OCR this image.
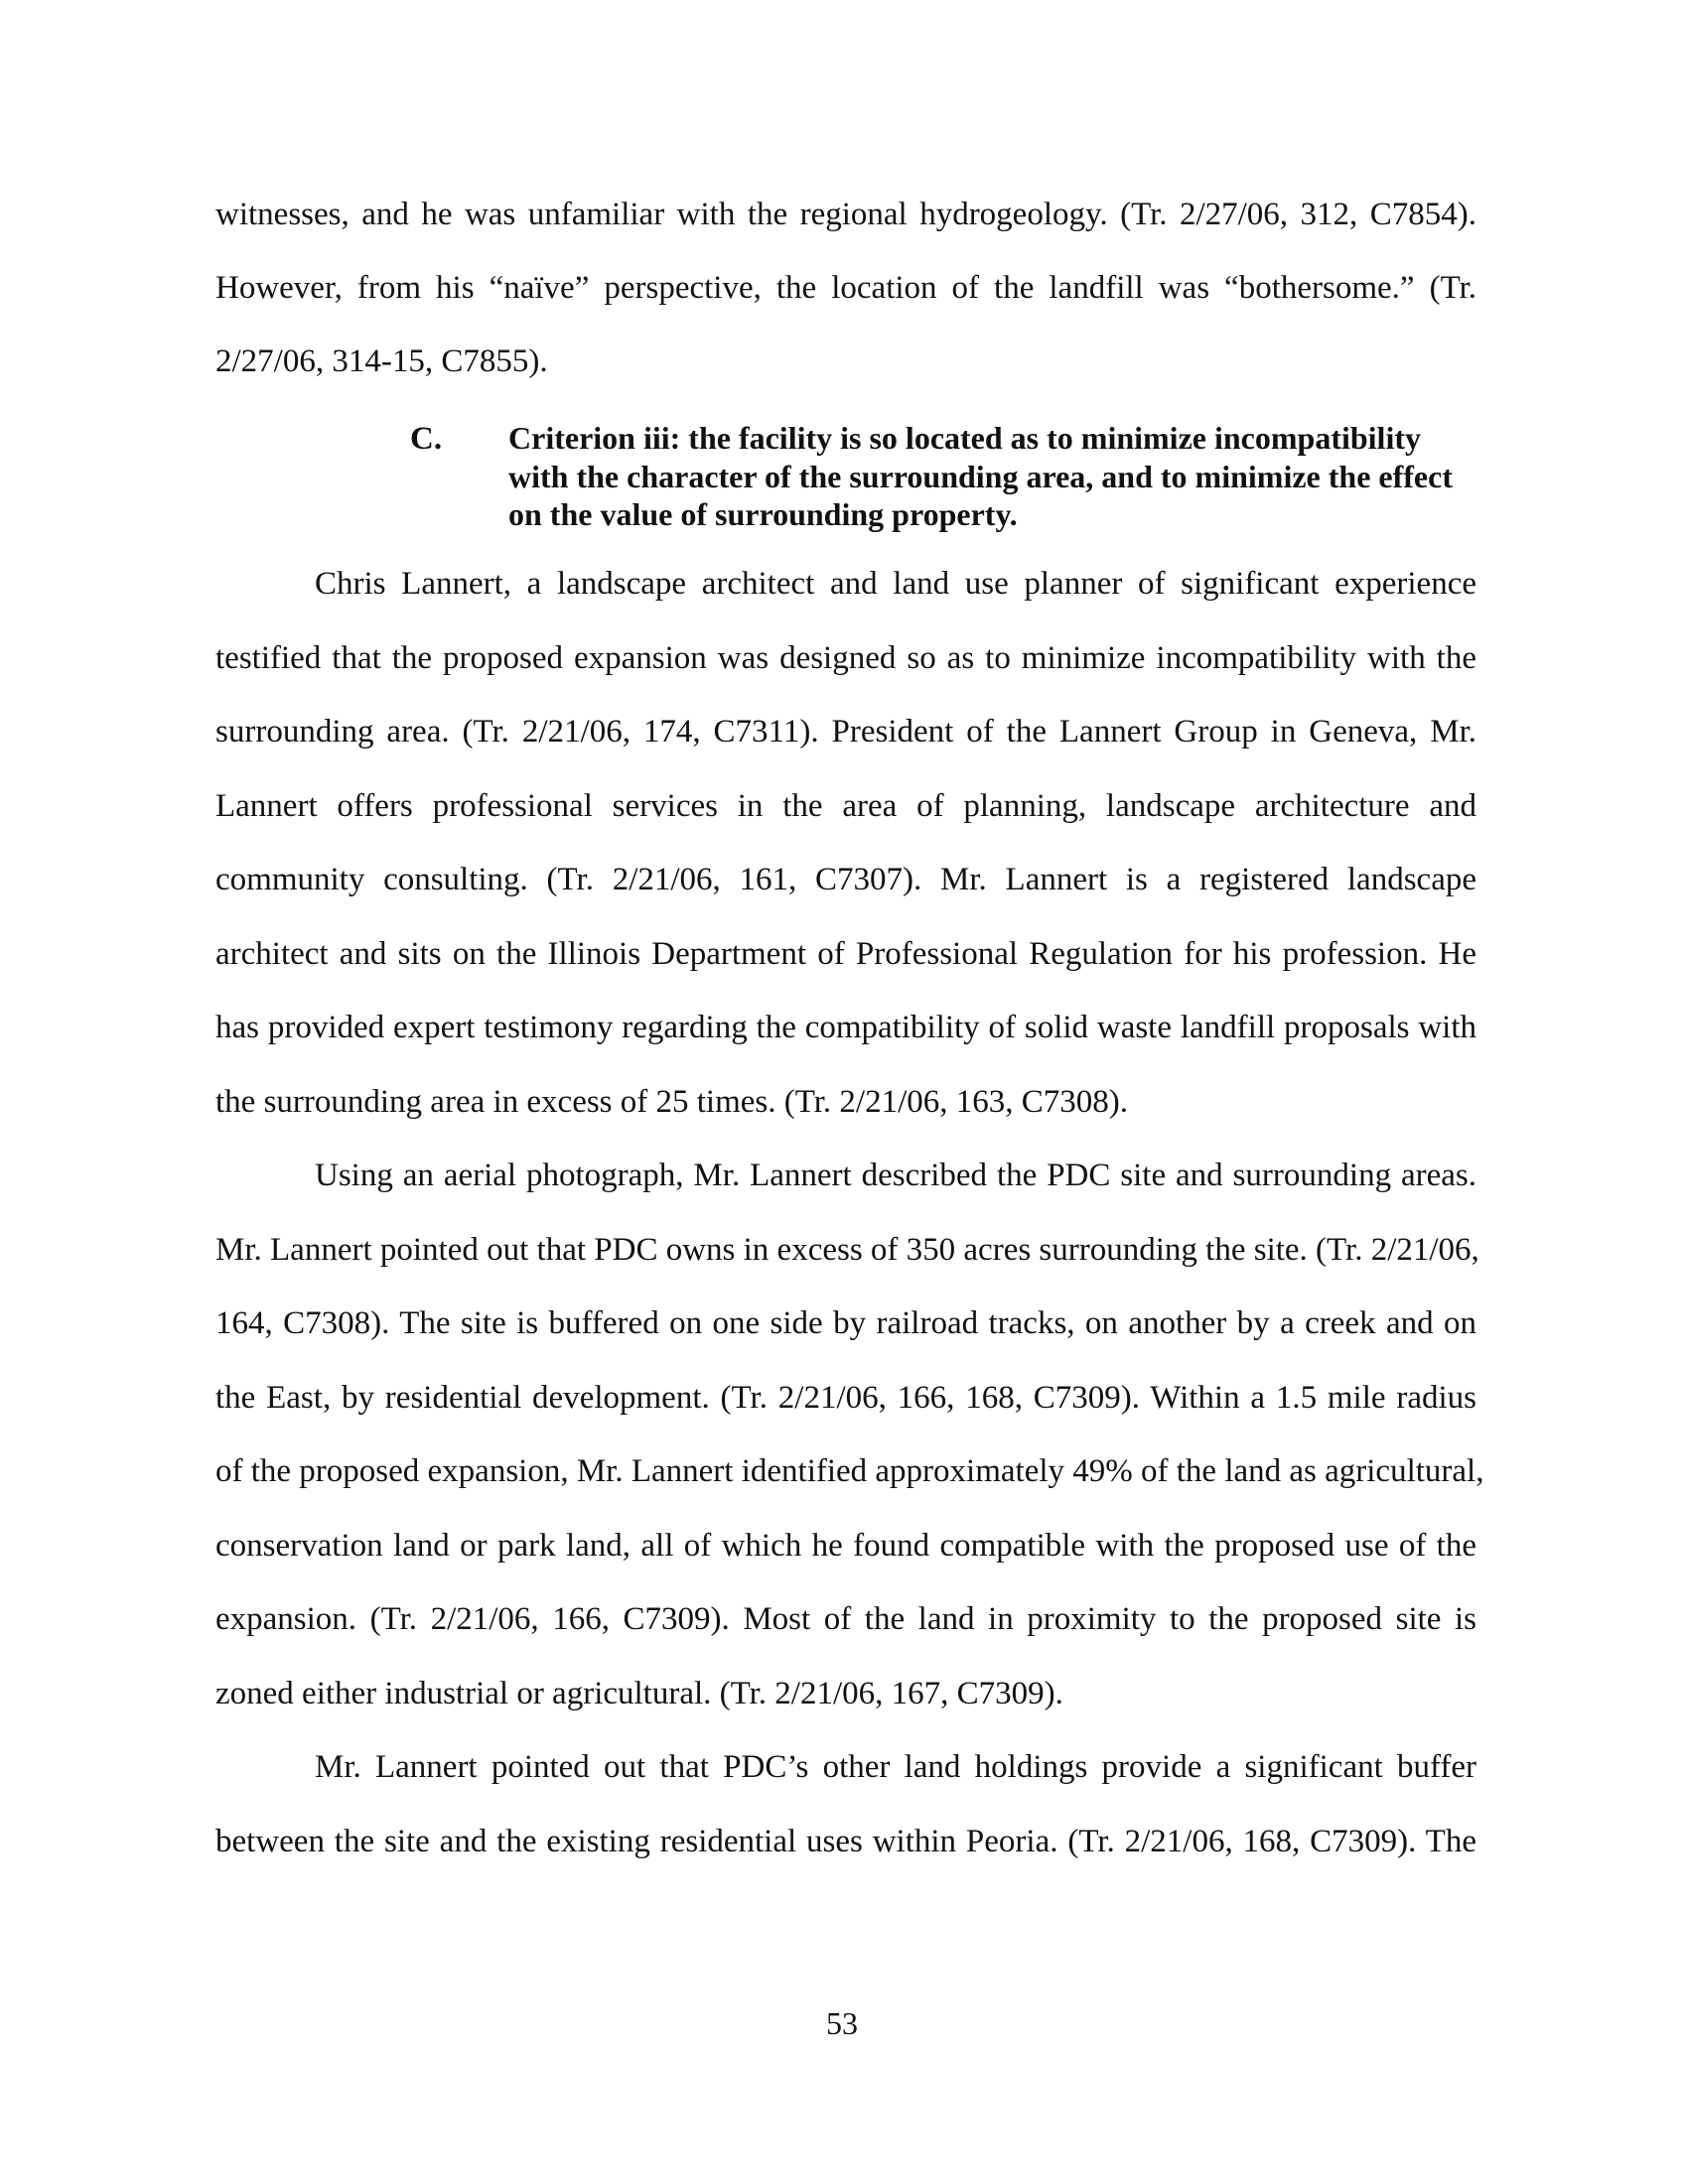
witnesses, and he was unfamiliar with the regional hydrogeology. (Tr. 2/27/06, 312, C7854).
However, from his “naïve” perspective, the location of the landfill was “bothersome.” (Tr.
2/27/06, 314-15, C7855).
C. Criterion iii: the facility is so located as to minimize incompatibility
with the character of the surrounding area, and to minimize the effect
on the value of surrounding property.
Chris Lannert, a landscape architect and land use planner of significant experience
testified that the proposed expansion was designed so as to minimize incompatibility with the
surrounding area. (Tr. 2/21/06, 174, C7311). President of the Lannert Group in Geneva, Mr.
Lannert offers professional services in the area of planning, landscape architecture and
community consulting. (Tr. 2/21/06, 161, C7307). Mr. Lannert is a registered landscape
architect and sits on the Illinois Department of Professional Regulation for his profession. He
has provided expert testimony regarding the compatibility of solid waste landfill proposals with
the surrounding area in excess of 25 times. (Tr. 2/21/06, 163, C7308).
Using an aerial photograph, Mr. Lannert described the PDC site and surrounding areas.
Mr. Lannert pointed out that PDC owns in excess of 350 acres surrounding the site. (Tr. 2/21/06,
164, C7308). The site is buffered on one side by railroad tracks, on another by a creek and on
the East, by residential development. (Tr. 2/21/06, 166, 168, C7309). Within a 1.5 mile radius
of the proposed expansion, Mr. Lannert identified approximately 49% of the land as agricultural,
conservation land or park land, all of which he found compatible with the proposed use of the
expansion. (Tr. 2/21/06, 166, C7309). Most of the land in proximity to the proposed site is
zoned either industrial or agricultural. (Tr. 2/21/06, 167, C7309).
Mr. Lannert pointed out that PDC’s other land holdings provide a significant buffer
between the site and the existing residential uses within Peoria. (Tr. 2/21/06, 168, C7309). The
53
